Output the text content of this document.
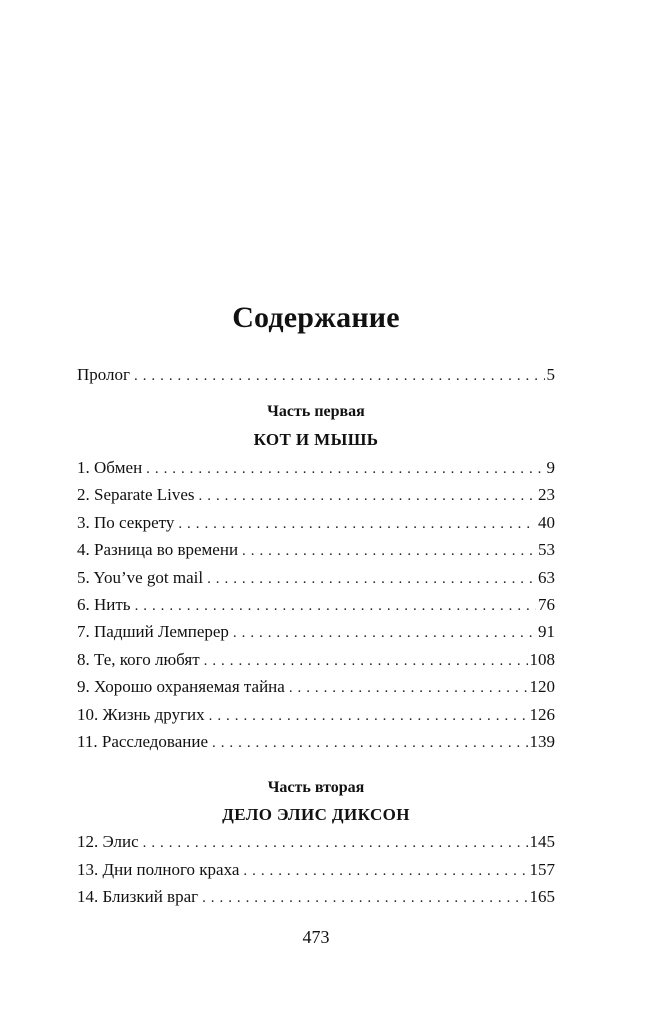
Содержание
Пролог . . .	5
Часть первая
КОТ И МЫШЬ
1. Обмен . . .	9
2. Separate Lives . . .	23
3. По секрету . . .	40
4. Разница во времени . . .	53
5. You’ve got mail . . .	63
6. Нить . . .	76
7. Падший Лемперер . . .	91
8. Те, кого любят . . .	108
9. Хорошо охраняемая тайна . . .	120
10. Жизнь других . . .	126
11. Расследование . . .	139
Часть вторая
ДЕЛО ЭЛИС ДИКСОН
12. Элис . . .	145
13. Дни полного краха . . .	157
14. Близкий враг . . .	165
473
